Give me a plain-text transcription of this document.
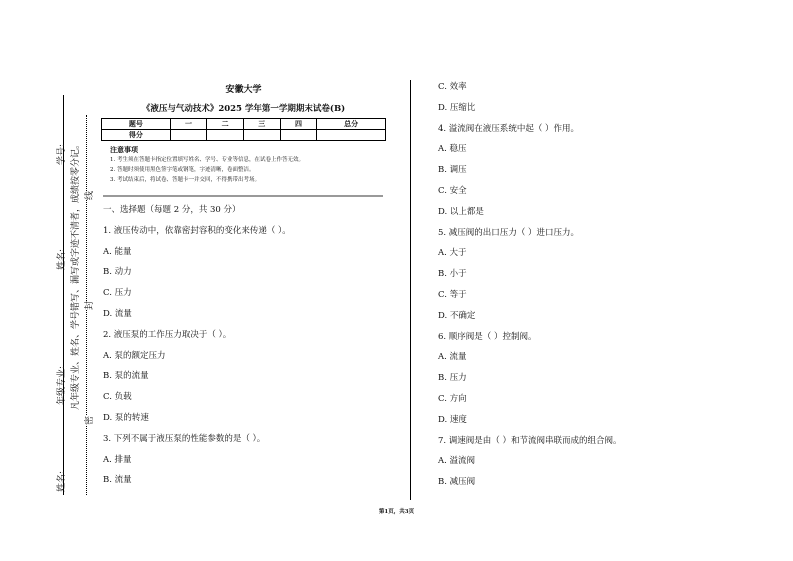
姓名:
年级专业:
姓名:
学号: 凡年级专业、姓名、学号错写、漏写或字迹不清者，成绩按零分记。
密
封
线
安徽大学
《液压与气动技术》2025 学年第一学期期末试卷(B)
题号	一	二	三	四	总分
得分					
注意事项
1. 考生须在答题卡指定位置填写姓名、学号、专业等信息，在试卷上作答无效。
2. 答题时须使用黑色签字笔或钢笔，字迹清晰，卷面整洁。
3. 考试结束后，将试卷、答题卡一并交回，不得携带出考场。
一、选择题（每题 2 分，共 30 分）
1. 液压传动中，依靠密封容积的变化来传递（ ）。
A. 能量
B. 动力
C. 压力
D. 流量
2. 液压泵的工作压力取决于（ ）。
A. 泵的额定压力
B. 泵的流量
C. 负载
D. 泵的转速
3. 下列不属于液压泵的性能参数的是（ ）。
A. 排量
B. 流量
C. 效率
D. 压缩比
4. 溢流阀在液压系统中起（ ）作用。
A. 稳压
B. 调压
C. 安全
D. 以上都是
5. 减压阀的出口压力（ ）进口压力。
A. 大于
B. 小于
C. 等于
D. 不确定
6. 顺序阀是（ ）控制阀。
A. 流量
B. 压力
C. 方向
D. 速度
7. 调速阀是由（ ）和节流阀串联而成的组合阀。
A. 溢流阀
B. 减压阀
第1页，共3页
